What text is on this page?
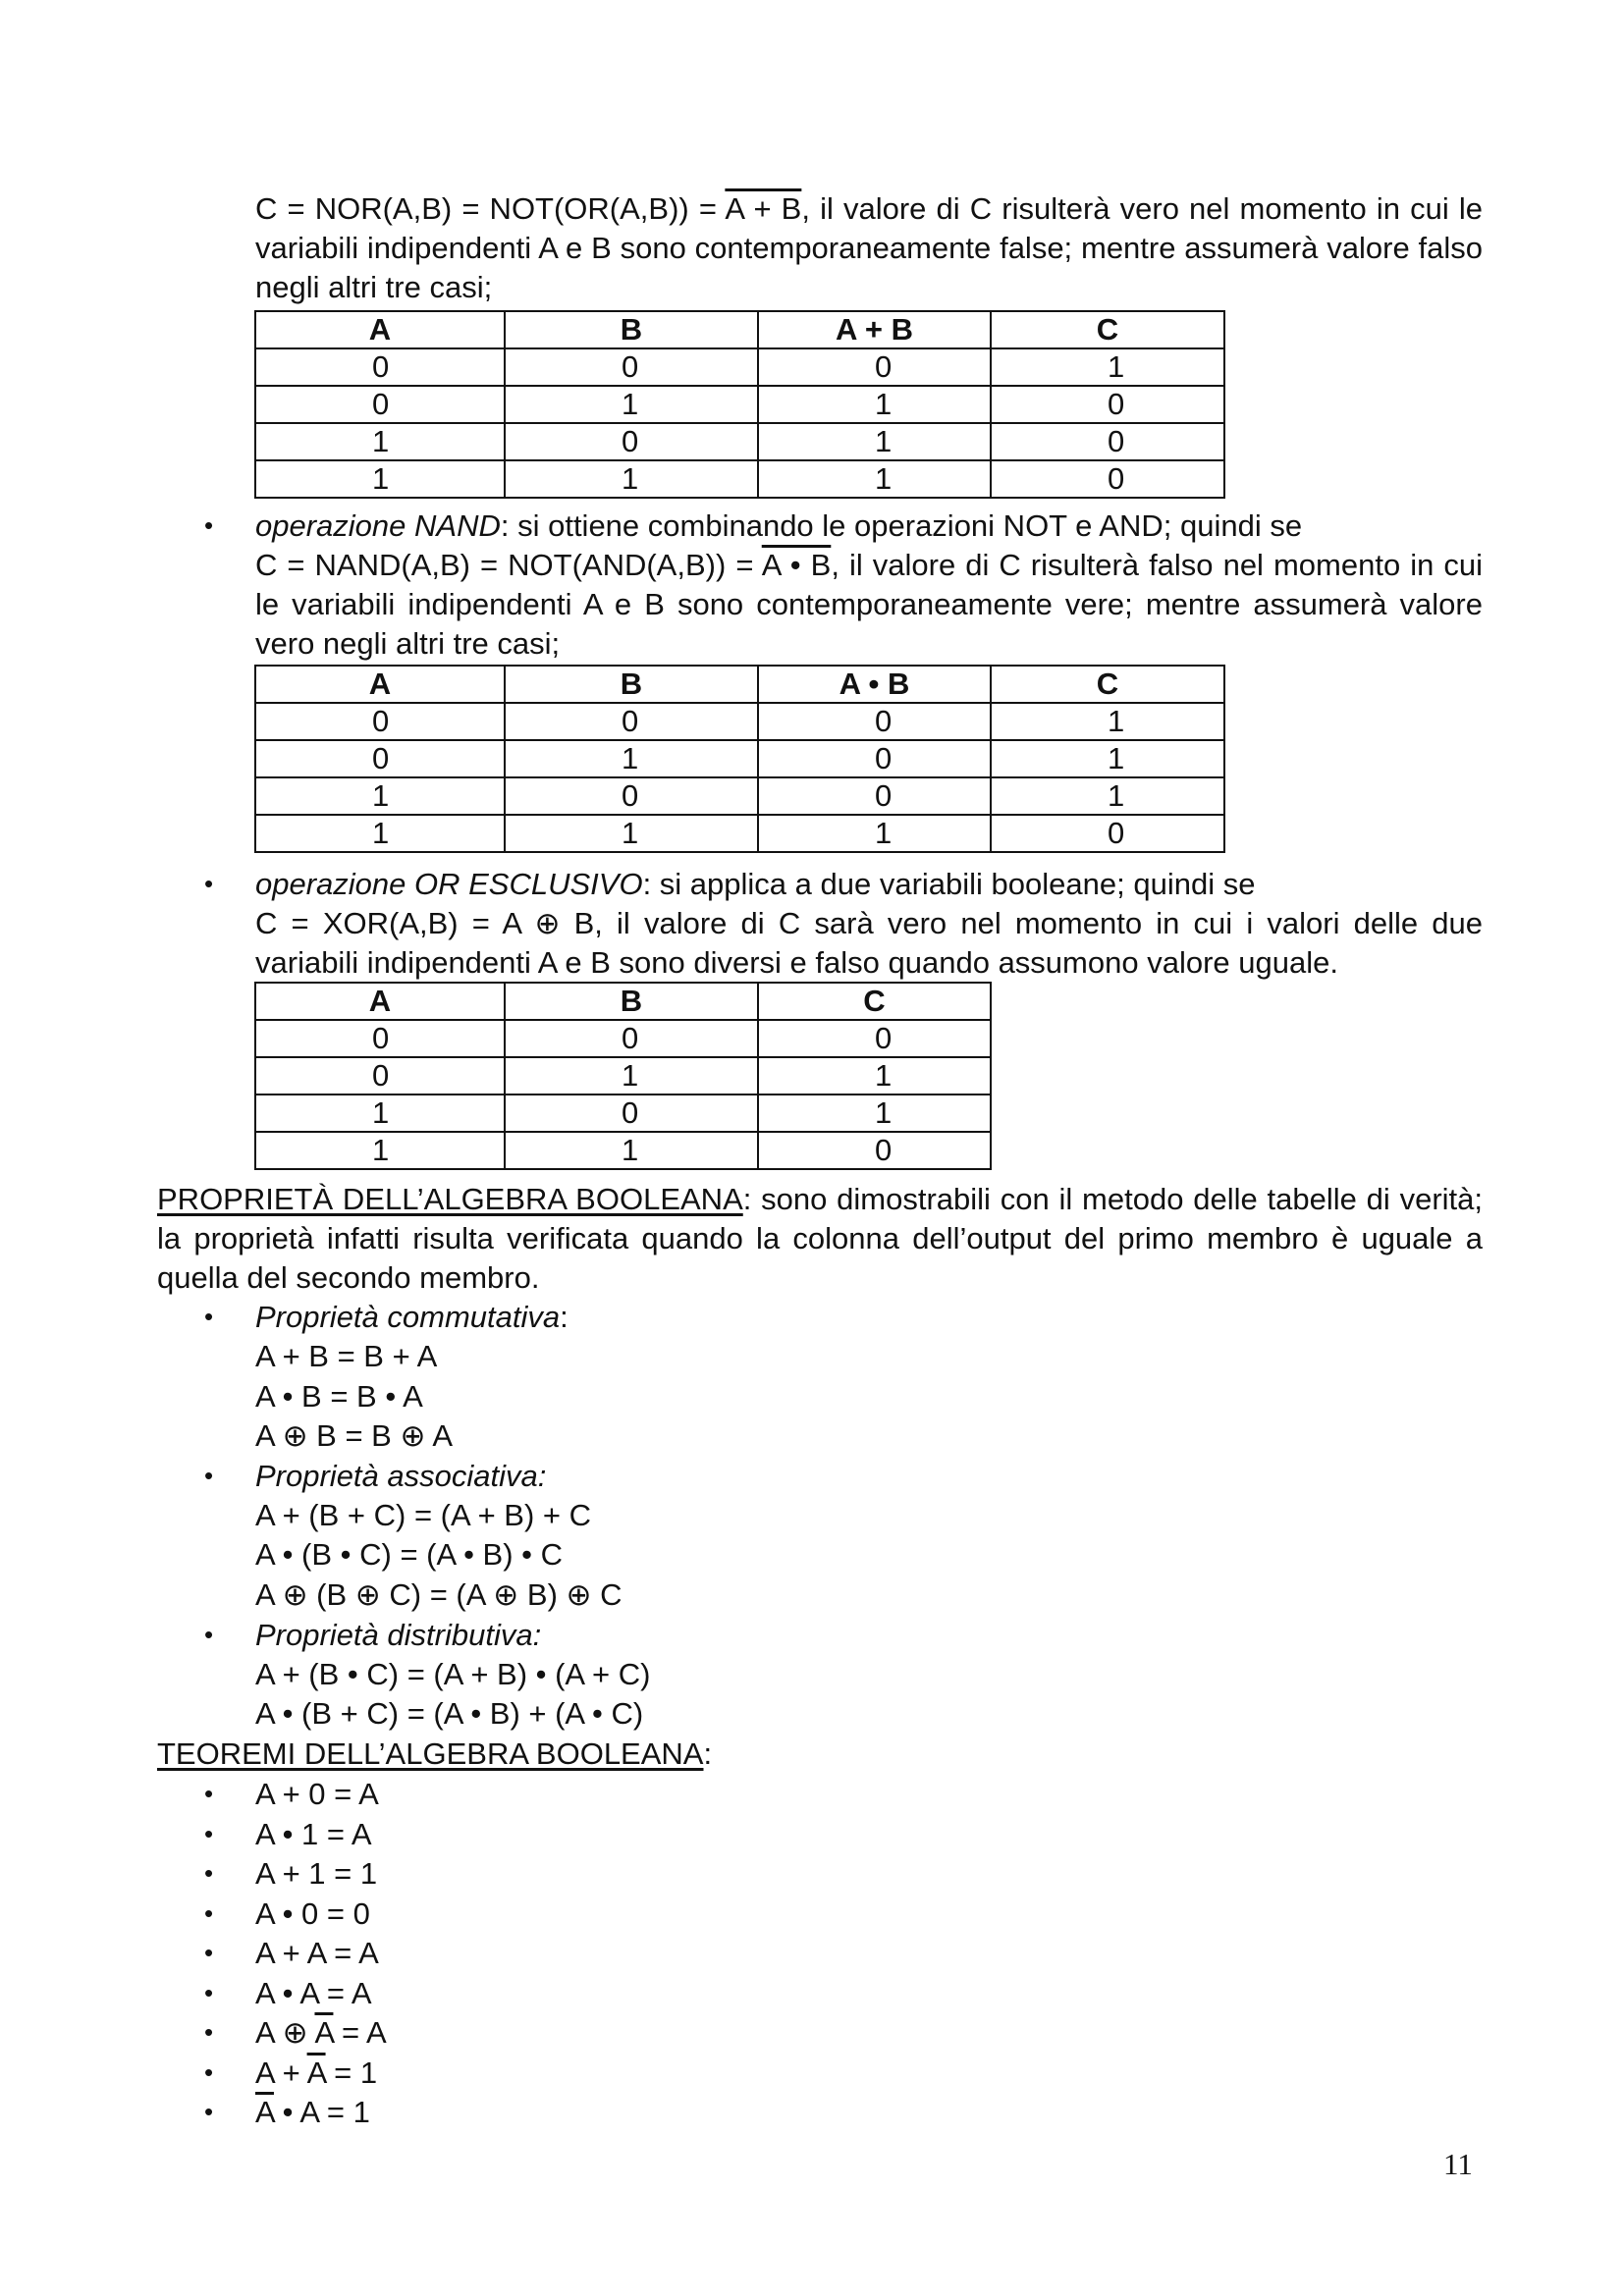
C = NOR(A,B) = NOT(OR(A,B)) = A + B, il valore di C risulterà vero nel momento in cui le variabili indipendenti A e B sono contemporaneamente false; mentre assumerà valore falso negli altri tre casi;
A	B	A + B	C
0	0	0	1
0	1	1	0
1	0	1	0
1	1	1	0
• operazione NAND: si ottiene combinando le operazioni NOT e AND; quindi se
C = NAND(A,B) = NOT(AND(A,B)) = A • B, il valore di C risulterà falso nel momento in cui le variabili indipendenti A e B sono contemporaneamente vere; mentre assumerà valore vero negli altri tre casi;
A	B	A • B	C
0	0	0	1
0	1	0	1
1	0	0	1
1	1	1	0
• operazione OR ESCLUSIVO: si applica a due variabili booleane; quindi se
C = XOR(A,B) = A ⊕ B, il valore di C sarà vero nel momento in cui i valori delle due variabili indipendenti A e B sono diversi e falso quando assumono valore uguale.
A	B	C
0	0	0
0	1	1
1	0	1
1	1	0
PROPRIETÀ DELL’ALGEBRA BOOLEANA: sono dimostrabili con il metodo delle tabelle di verità; la proprietà infatti risulta verificata quando la colonna dell’output del primo membro è uguale a quella del secondo membro.
• Proprietà commutativa:
A + B = B + A
A • B = B • A
A ⊕ B = B ⊕ A
• Proprietà associativa:
A + (B + C) = (A + B) + C
A • (B • C) = (A • B) • C
A ⊕ (B ⊕ C) = (A ⊕ B) ⊕ C
• Proprietà distributiva:
A + (B • C) = (A + B) • (A + C)
A • (B + C) = (A • B) + (A • C)
TEOREMI DELL’ALGEBRA BOOLEANA:
• A + 0 = A
• A • 1 = A
• A + 1 = 1
• A • 0 = 0
• A + A = A
• A • A = A
• A ⊕ $\overline{A} = A$
• $A + \overline{A} = 1$
• $\overline{A}$ • A = 1
11
